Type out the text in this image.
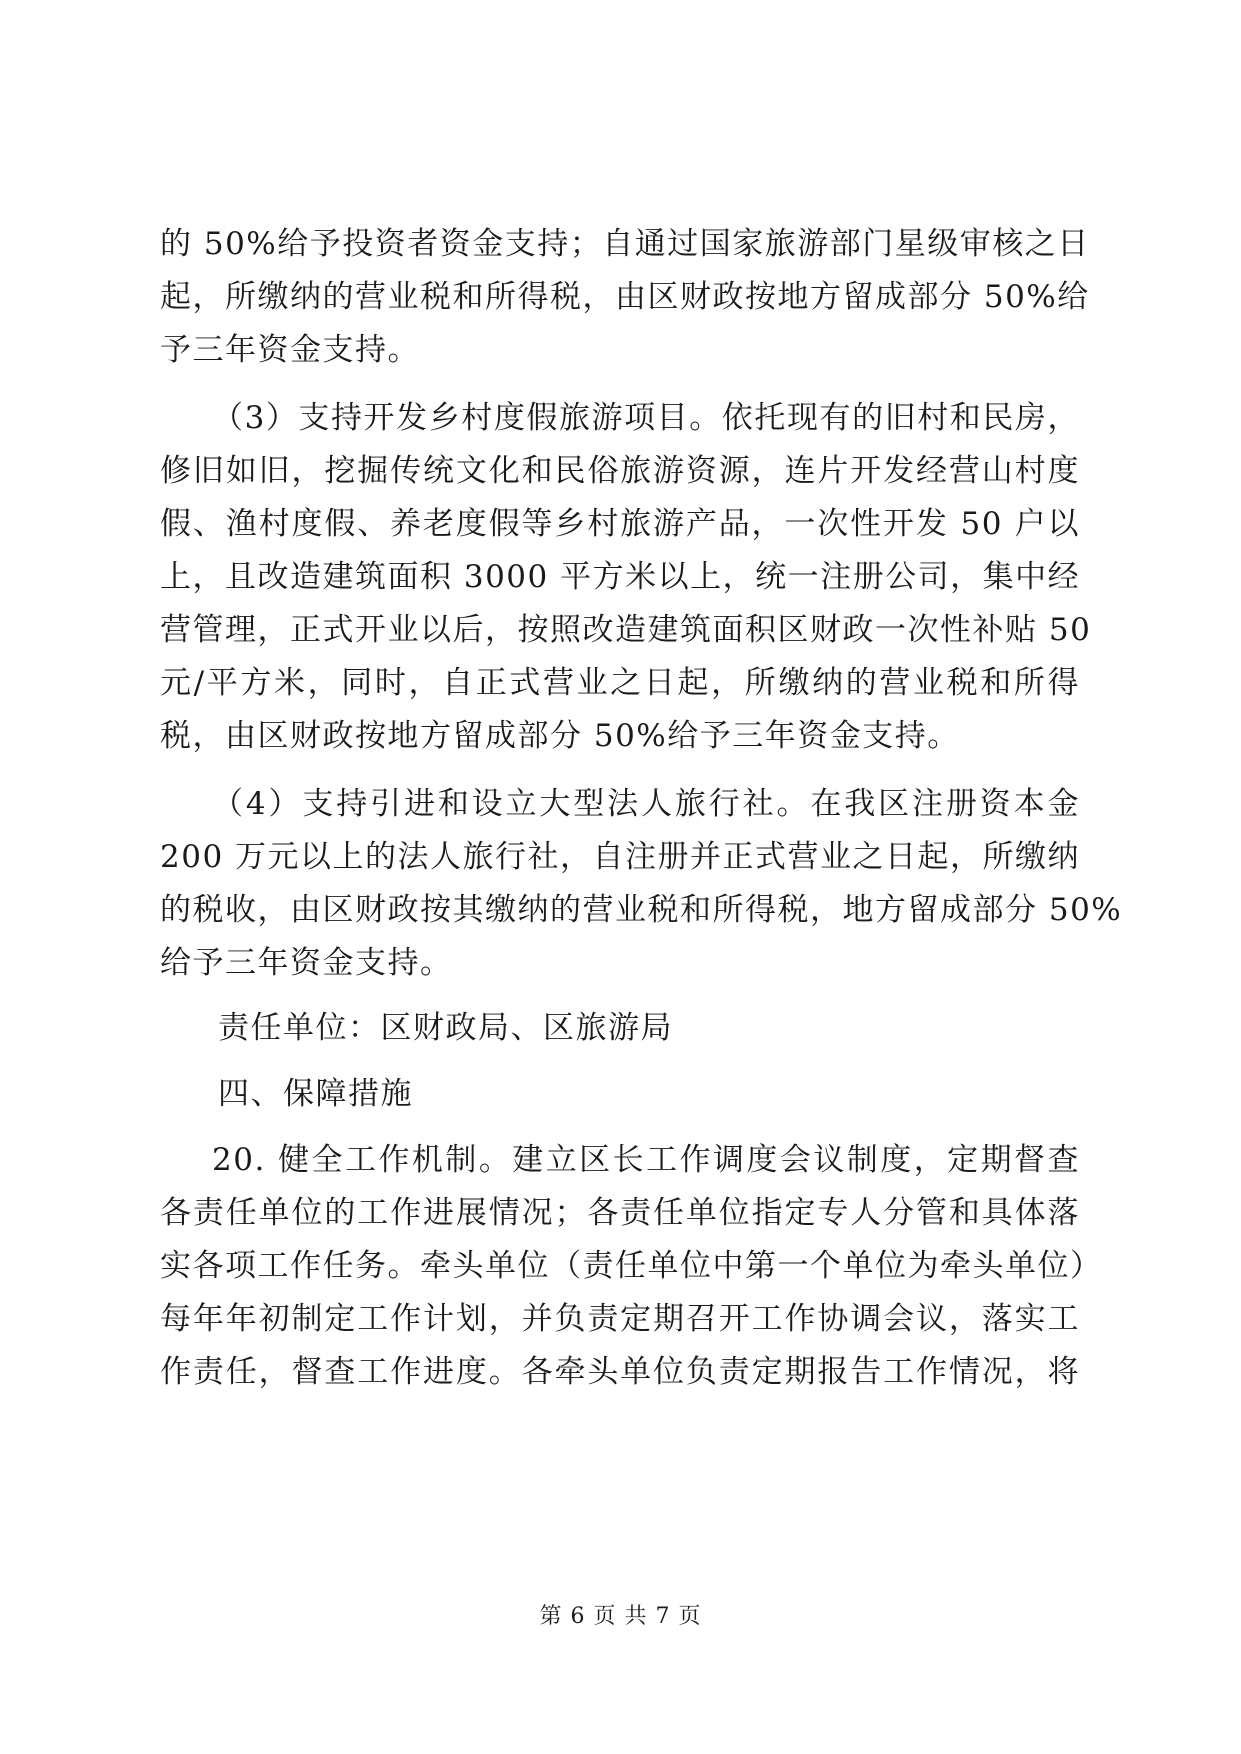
的 50%给予投资者资金支持；自通过国家旅游部门星级审核之日
起，所缴纳的营业税和所得税，由区财政按地方留成部分 50%给
予三年资金支持。
（3）支持开发乡村度假旅游项目。依托现有的旧村和民房，
修旧如旧，挖掘传统文化和民俗旅游资源，连片开发经营山村度
假、渔村度假、养老度假等乡村旅游产品，一次性开发 50 户以
上，且改造建筑面积 3000 平方米以上，统一注册公司，集中经
营管理，正式开业以后，按照改造建筑面积区财政一次性补贴 50
元/平方米，同时，自正式营业之日起，所缴纳的营业税和所得
税，由区财政按地方留成部分 50%给予三年资金支持。
（4）支持引进和设立大型法人旅行社。在我区注册资本金
200 万元以上的法人旅行社，自注册并正式营业之日起，所缴纳
的税收，由区财政按其缴纳的营业税和所得税，地方留成部分 50%
给予三年资金支持。
责任单位：区财政局、区旅游局
四、保障措施
20. 健全工作机制。建立区长工作调度会议制度，定期督查
各责任单位的工作进展情况；各责任单位指定专人分管和具体落
实各项工作任务。牵头单位（责任单位中第一个单位为牵头单位）
每年年初制定工作计划，并负责定期召开工作协调会议，落实工
作责任，督查工作进度。各牵头单位负责定期报告工作情况，将
第 6 页 共 7 页
